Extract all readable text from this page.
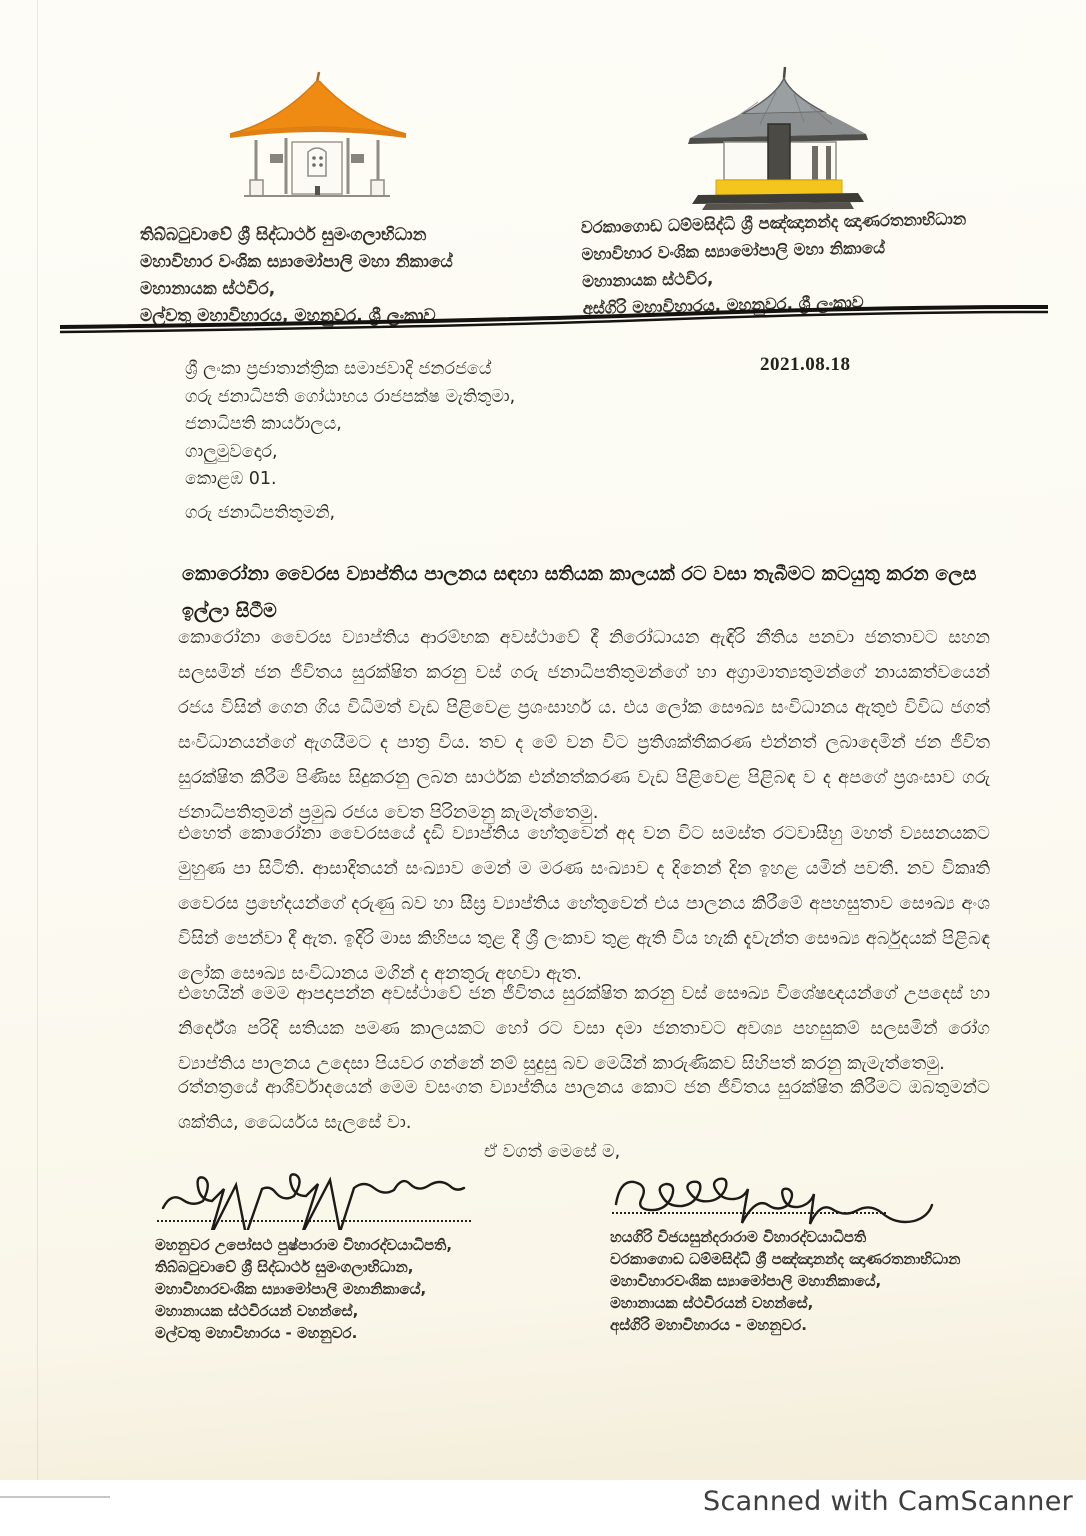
තිබ්බටුවාවේ ශ්‍රී සිද්ධාර්ථ සුමංගලාභිධාන
මහාවිහාර වංශික ස්‍යාමෝපාලි මහා නිකායේ
මහානායක ස්ථවිර,
මල්වතු මහාවිහාරය, මහනුවර, ශ්‍රී ලංකාව
වරකාගොඩ ධම්මසිද්ධි ශ්‍රී පඤ්ඤානන්ද ඤාණරතනාභිධාන
මහාවිහාර වංශික ස්‍යාමෝපාලි මහා නිකායේ
මහානායක ස්ථවිර,
අස්ගිරි මහාවිහාරය, මහනුවර, ශ්‍රී ලංකාව
2021.08.18
ශ්‍රී ලංකා ප්‍රජාතාන්ත්‍රික සමාජවාදි ජනරජයේ
ගරු ජනාධිපති ගෝඨාභය රාජපක්ෂ මැතිතුමා,
ජනාධිපති කාර්යාලය,
ගාලුමුවදොර,
කොළඹ 01.
ගරු ජනාධිපතිතුමනි,
කොරෝනා වෛරස ව්‍යාප්තිය පාලනය සඳහා සතියක කාලයක් රට වසා තැබීමට කටයුතු කරන ලෙස ඉල්ලා සිටීම

කොරෝනා වෛරස ව්‍යාප්තිය ආරම්භක අවස්ථාවේ දී නිරෝධායන ඇඳිරි නීතිය පනවා ජනතාවට සහන සලසමින් ජන ජීවිතය සුරක්ෂිත කරනු වස් ගරු ජනාධිපතිතුමන්ගේ හා අග්‍රාමාත්‍යතුමන්ගේ නායකත්වයෙන් රජය විසින් ගෙන ගිය විධිමත් වැඩ පිළිවෙළ ප්‍රශංසාර්හ ය. එය ලෝක සෞඛ්‍ය සංවිධානය ඇතුළු විවිධ ජගත් සංවිධානයන්ගේ ඇගයීමට ද පාත්‍ර විය. තව ද මේ වන විට ප්‍රතිශක්තීකරණ එන්නත් ලබාදෙමින් ජන ජීවිත සුරක්ෂිත කිරීම පිණිස සිදුකරනු ලබන සාර්ථක එන්නත්කරණ වැඩ පිළිවෙළ පිළිබඳ ව ද අපගේ ප්‍රශංසාව ගරු ජනාධිපතිතුමන් ප්‍රමුඛ රජය වෙත පිරිනමනු කැමැත්තෙමු.

එහෙත් කොරෝනා වෛරසයේ දැඩි ව්‍යාප්තිය හේතුවෙන් අද වන විට සමස්ත රටවාසීහු මහත් ව්‍යසනයකට මුහුණ පා සිටිති. ආසාදිතයන් සංඛ්‍යාව මෙන් ම මරණ සංඛ්‍යාව ද දිනෙන් දින ඉහළ යමින් පවතී. නව විකෘති වෛරස ප්‍රභේදයන්ගේ දරුණු බව හා සීඝ්‍ර ව්‍යාප්තිය හේතුවෙන් එය පාලනය කිරීමේ අපහසුතාව සෞඛ්‍ය අංශ විසින් පෙන්වා දී ඇත. ඉදිරි මාස කිහිපය තුළ දී ශ්‍රී ලංකාව තුළ ඇති විය හැකි දැවැන්ත සෞඛ්‍ය අර්බුදයක් පිළිබඳ ලෝක සෞඛ්‍ය සංවිධානය මගින් ද අනතුරු අඟවා ඇත.

එහෙයින් මෙම ආපදාපන්න අවස්ථාවේ ජන ජීවිතය සුරක්ෂිත කරනු වස් සෞඛ්‍ය විශේෂඥයන්ගේ උපදෙස් හා නිර්දේශ පරිදි සතියක පමණ කාලයකට හෝ රට වසා දමා ජනතාවට අවශ්‍ය පහසුකම් සලසමින් රෝග ව්‍යාප්තිය පාලනය උදෙසා පියවර ගන්නේ නම් සුදුසු බව මෙයින් කාරුණිකව සිහිපත් කරනු කැමැත්තෙමු.

රත්නත්‍රයේ ආශීර්වාදයෙන් මෙම වසංගත ව්‍යාප්තිය පාලනය කොට ජන ජීවිතය සුරක්ෂිත කිරීමට ඔබතුමන්ට ශක්තිය, ධෛර්යය සැලසේ වා.

ඒ වගත් මෙසේ ම,
මහනුවර උපෝසථ පුෂ්පාරාම විහාරද්වයාධිපති,
තිබ්බටුවාවේ ශ්‍රී සිද්ධාර්ථ සුමංගලාභිධාන,
මහාවිහාරවංශික ස්‍යාමෝපාලි මහානිකායේ,
මහානායක ස්ථවිරයන් වහන්සේ,
මල්වතු මහාවිහාරය - මහනුවර.
හයගිරි විජයසුන්දරාරාම විහාරද්වයාධිපති
වරකාගොඩ ධම්මසිද්ධි ශ්‍රී පඤ්ඤානන්ද ඤාණරතනාභිධාන
මහාවිහාරවංශික ස්‍යාමෝපාලි මහානිකායේ,
මහානායක ස්ථවිරයන් වහන්සේ,
අස්ගිරි මහාවිහාරය - මහනුවර.
Scanned with CamScanner
